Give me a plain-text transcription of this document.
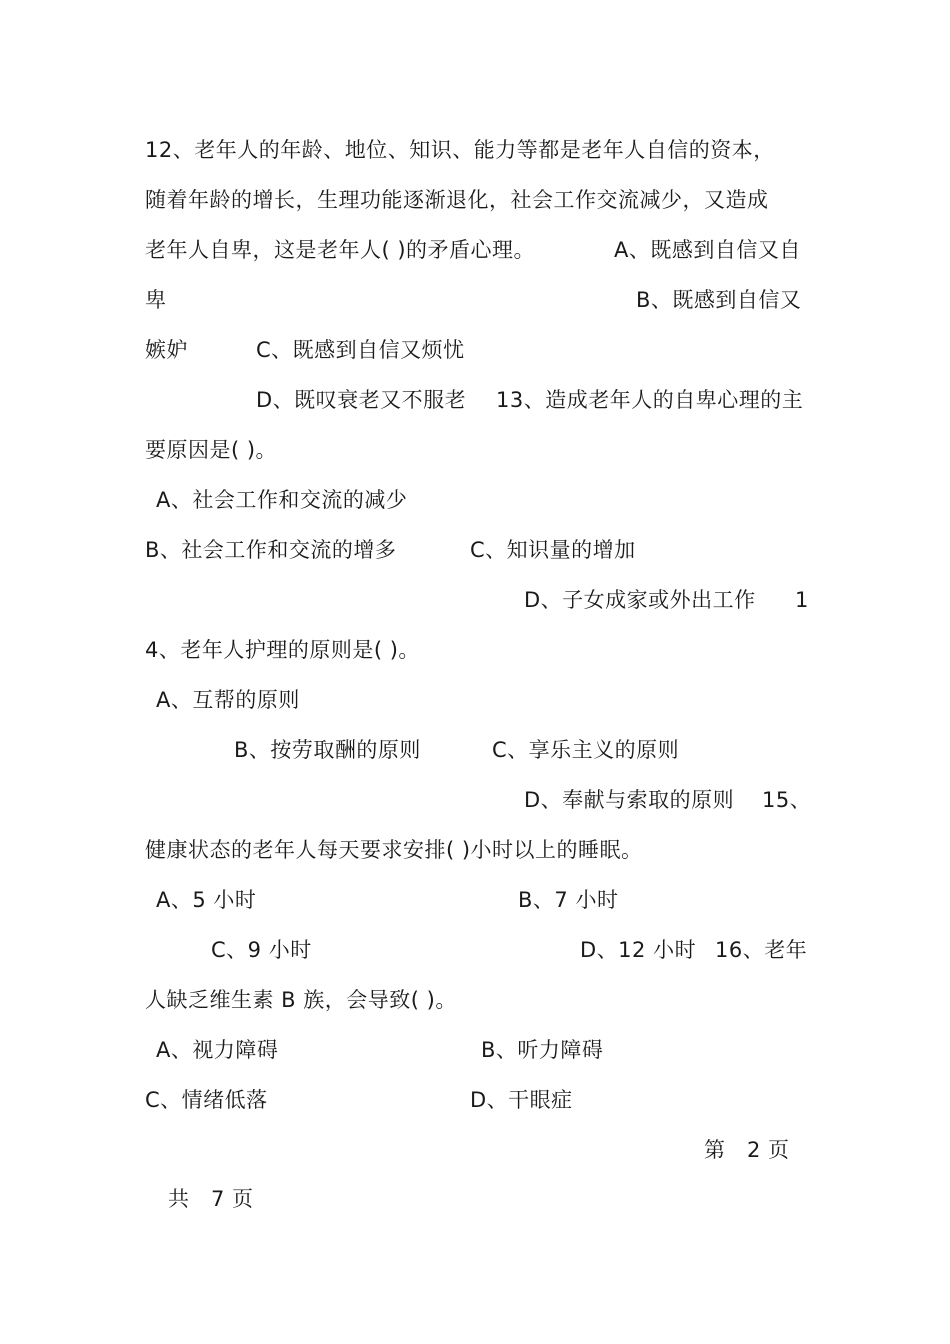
12、老年人的年龄、地位、知识、能力等都是老年人自信的资本，
随着年龄的增长，生理功能逐渐退化，社会工作交流减少，又造成
老年人自卑，这是老年人( )的矛盾心理。	A、既感到自信又自
卑	B、既感到自信又
嫉妒	C、既感到自信又烦忧
D、既叹衰老又不服老 13、造成老年人的自卑心理的主
要原因是( )。
A、社会工作和交流的减少
B、社会工作和交流的增多	C、知识量的增加
D、子女成家或外出工作 1
4、老年人护理的原则是( )。
A、互帮的原则
B、按劳取酬的原则	C、享乐主义的原则
D、奉献与索取的原则 15、
健康状态的老年人每天要求安排( )小时以上的睡眠。
A、5 小时	B、7 小时
C、9 小时	D、12 小时 16、老年
人缺乏维生素 B 族，会导致( )。
A、视力障碍	B、听力障碍
C、情绪低落	D、干眼症
第　2 页
共　7 页
